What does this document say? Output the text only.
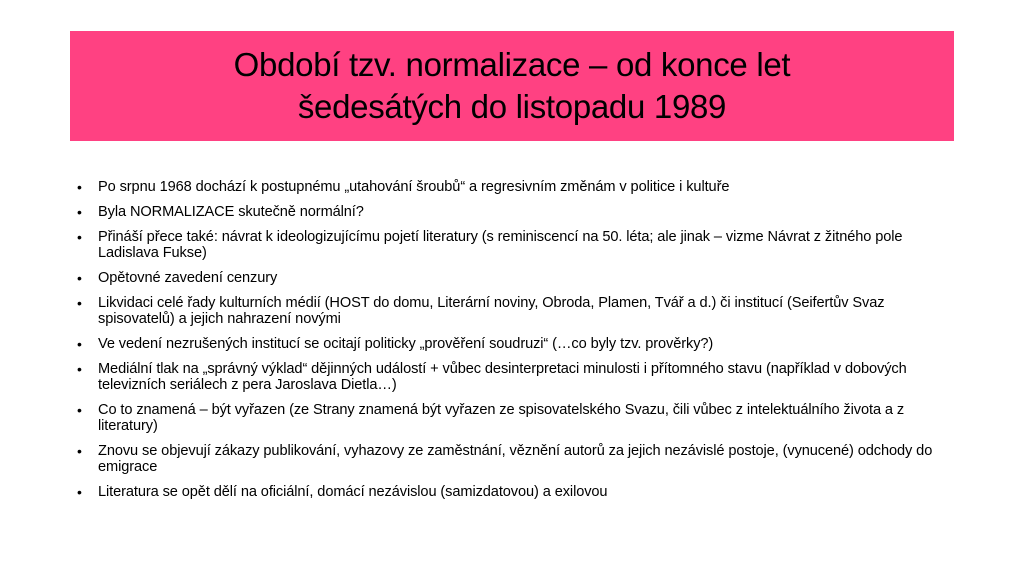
Období tzv. normalizace – od konce let
šedesátých do listopadu 1989
• Po srpnu 1968 dochází k postupnému „utahování šroubů“ a regresivním změnám v politice i kultuře
• Byla NORMALIZACE skutečně normální?
• Přináší přece také: návrat k ideologizujícímu pojetí literatury (s reminiscencí na 50. léta; ale jinak – vizme Návrat z žitného pole Ladislava Fukse)
• Opětovné zavedení cenzury
• Likvidaci celé řady kulturních médií (HOST do domu, Literární noviny, Obroda, Plamen, Tvář a d.) či institucí (Seifertův Svaz spisovatelů) a jejich nahrazení novými
• Ve vedení nezrušených institucí se ocitají politicky „prověření soudruzi“ (…co byly tzv. prověrky?)
• Mediální tlak na „správný výklad“ dějinných událostí + vůbec desinterpretaci minulosti i přítomného stavu (například v dobových televizních seriálech z pera Jaroslava Dietla…)
• Co to znamená – být vyřazen (ze Strany znamená být vyřazen ze spisovatelského Svazu, čili vůbec z intelektuálního života a z literatury)
• Znovu se objevují zákazy publikování, vyhazovy ze zaměstnání, věznění autorů za jejich nezávislé postoje, (vynucené) odchody do emigrace
• Literatura se opět dělí na oficiální, domácí nezávislou (samizdatovou) a exilovou
